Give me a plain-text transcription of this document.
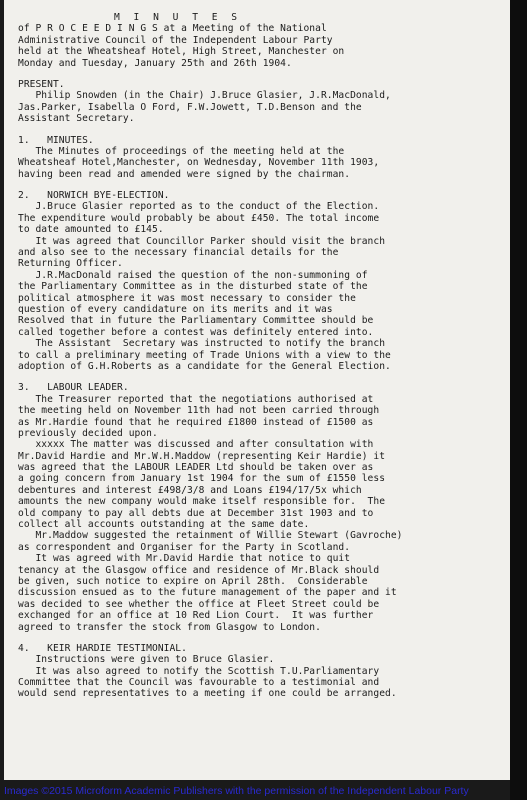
M I N U T E S
of P R O C E E D I N G S at a Meeting of the National
Administrative Council of the Independent Labour Party
held at the Wheatsheaf Hotel, High Street, Manchester on
Monday and Tuesday, January 25th and 26th 1904.
PRESENT.
Philip Snowden (in the Chair) J.Bruce Glasier, J.R.MacDonald,
Jas.Parker, Isabella O Ford, F.W.Jowett, T.D.Benson and the
Assistant Secretary.
1.   MINUTES.
The Minutes of proceedings of the meeting held at the
Wheatsheaf Hotel,Manchester, on Wednesday, November 11th 1903,
having been read and amended were signed by the chairman.
2.   NORWICH BYE-ELECTION.
J.Bruce Glasier reported as to the conduct of the Election.
The expenditure would probably be about £450. The total income
to date amounted to £145.
It was agreed that Councillor Parker should visit the branch
and also see to the necessary financial details for the
Returning Officer.
J.R.MacDonald raised the question of the non-summoning of
the Parliamentary Committee as in the disturbed state of the
political atmosphere it was most necessary to consider the
question of every candidature on its merits and it was
Resolved that in future the Parliamentary Committee should be
called together before a contest was definitely entered into.
The Assistant  Secretary was instructed to notify the branch
to call a preliminary meeting of Trade Unions with a view to the
adoption of G.H.Roberts as a candidate for the General Election.
3.   LABOUR LEADER.
The Treasurer reported that the negotiations authorised at
the meeting held on November 11th had not been carried through
as Mr.Hardie found that he required £1800 instead of £1500 as
previously decided upon.
xxxxx The matter was discussed and after consultation with
Mr.David Hardie and Mr.W.H.Maddow (representing Keir Hardie) it
was agreed that the LABOUR LEADER Ltd should be taken over as
a going concern from January 1st 1904 for the sum of £1550 less
debentures and interest £498/3/8 and Loans £194/17/5x which
amounts the new company would make itself responsible for.  The
old company to pay all debts due at December 31st 1903 and to
collect all accounts outstanding at the same date.
Mr.Maddow suggested the retainment of Willie Stewart (Gavroche)
as correspondent and Organiser for the Party in Scotland.
It was agreed with Mr.David Hardie that notice to quit
tenancy at the Glasgow office and residence of Mr.Black should
be given, such notice to expire on April 28th.  Considerable
discussion ensued as to the future management of the paper and it
was decided to see whether the office at Fleet Street could be
exchanged for an office at 10 Red Lion Court.  It was further
agreed to transfer the stock from Glasgow to London.
4.   KEIR HARDIE TESTIMONIAL.
Instructions were given to Bruce Glasier.
It was also agreed to notify the Scottish T.U.Parliamentary
Committee that the Council was favourable to a testimonial and
would send representatives to a meeting if one could be arranged.
Images ©2015 Microform Academic Publishers with the permission of the Independent Labour Party
